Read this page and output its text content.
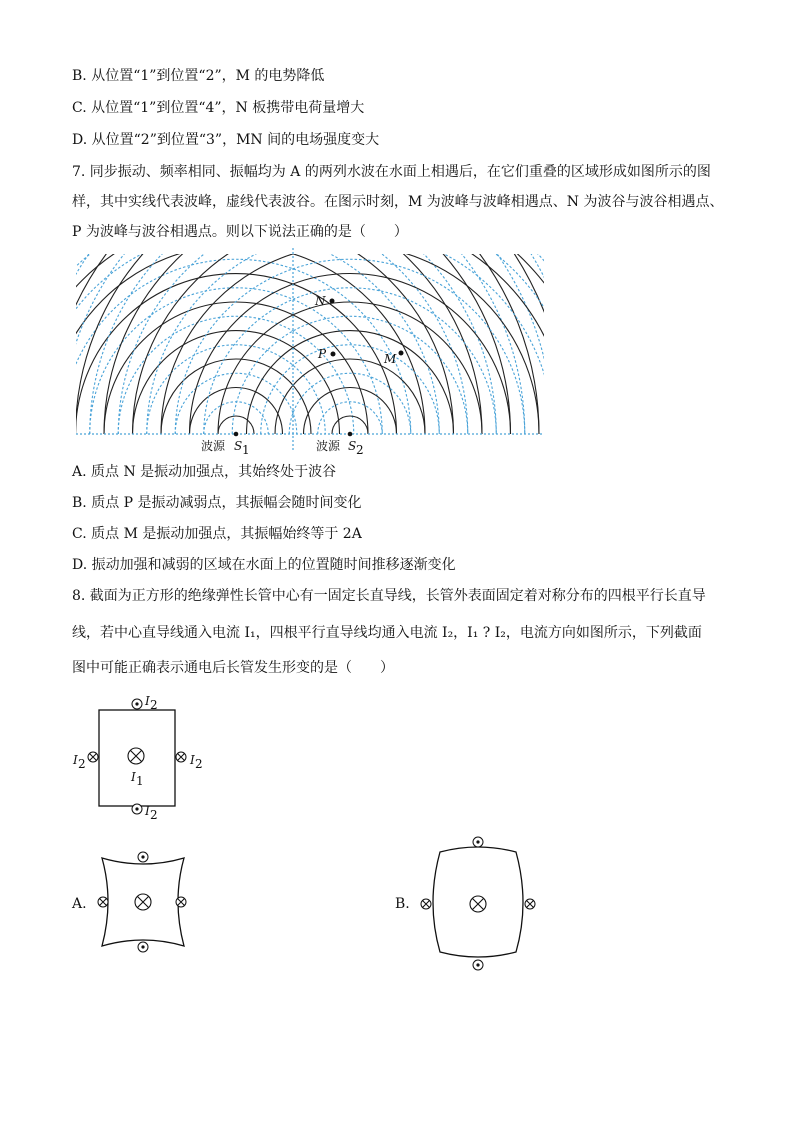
B. 从位置“1”到位置“2”，M 的电势降低
C. 从位置“1”到位置“4”，N 板携带电荷量增大
D. 从位置“2”到位置“3”，MN 间的电场强度变大
7. 同步振动、频率相同、振幅均为 A 的两列水波在水面上相遇后，在它们重叠的区域形成如图所示的图
样，其中实线代表波峰，虚线代表波谷。在图示时刻，M 为波峰与波峰相遇点、N 为波谷与波谷相遇点、
P 为波峰与波谷相遇点。则以下说法正确的是（　　）
N
P	M
波源 S 1	波源 S 2
A. 质点 N 是振动加强点，其始终处于波谷
B. 质点 P 是振动减弱点，其振幅会随时间变化
C. 质点 M 是振动加强点，其振幅始终等于 2A
D. 振动加强和减弱的区域在水面上的位置随时间推移逐渐变化
8. 截面为正方形的绝缘弹性长管中心有一固定长直导线，长管外表面固定着对称分布的四根平行长直导
线，若中心直导线通入电流 I₁，四根平行直导线均通入电流 I₂，I₁ ? I₂，电流方向如图所示，下列截面
图中可能正确表示通电后长管发生形变的是（　　）
I 2
I 2
I 2	I 2
I 1
A.	B.
